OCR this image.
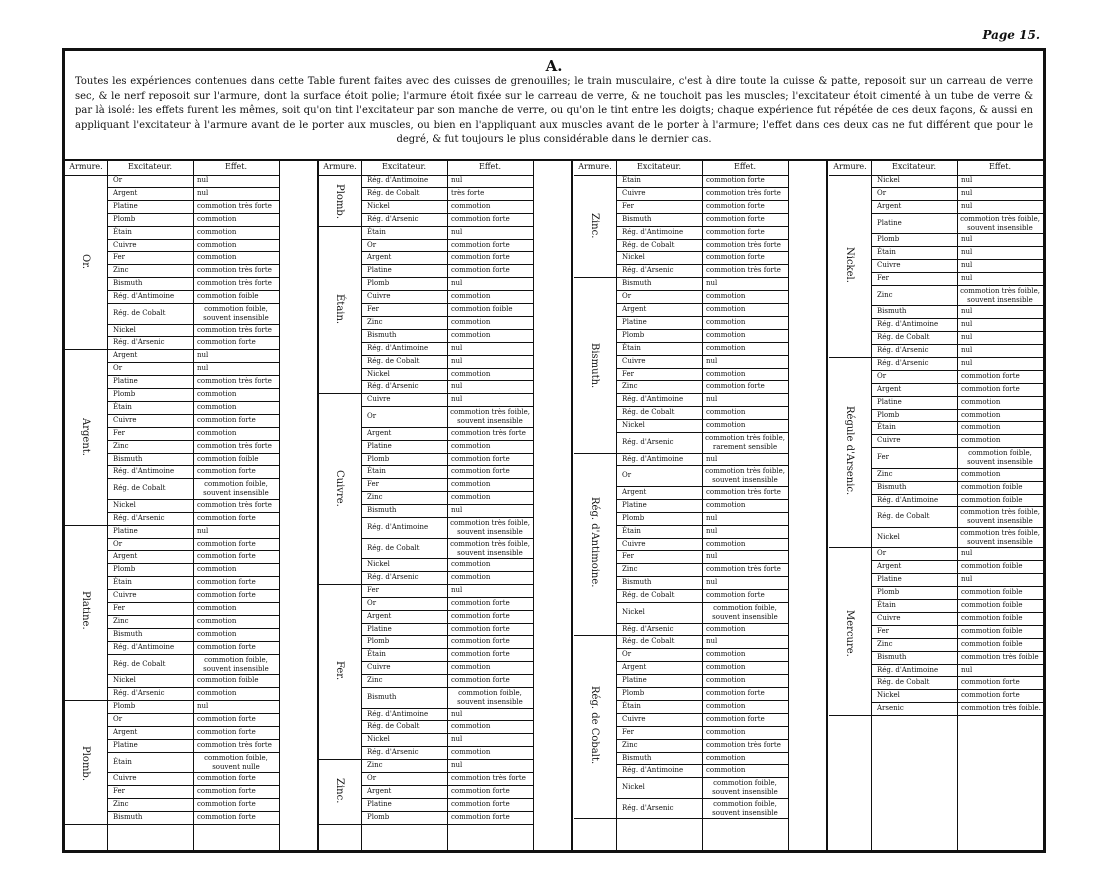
Page 15.
A.
Toutes les expériences contenues dans cette Table furent faites avec des cuisses de grenouilles; le train musculaire, c'est à dire toute la cuisse & patte, reposoit sur un carreau de verre sec, & le nerf reposoit sur l'armure, dont la surface étoit polie; l'armure étoit fixée sur le carreau de verre, & ne touchoit pas les muscles; l'excitateur étoit cimenté à un tube de verre & par là isolé: les effets furent les mêmes, soit qu'on tint l'excitateur par son manche de verre, ou qu'on le tint entre les doigts; chaque expérience fut répétée de ces deux façons, & aussi en appliquant l'excitateur à l'armure avant de le porter aux muscles, ou bien en l'appliquant aux muscles avant de le porter à l'armure; l'effet dans ces deux cas ne fut différent que pour le degré, & fut toujours le plus considérable dans le dernier cas.
Armure.	Excitateur.	Effet.
Or	nul
Argent	nul
Platine	commotion très forte
Plomb	commotion
Étain	commotion
Cuivre	commotion
Fer	commotion
Zinc	commotion très forte
Bismuth	commotion très forte
Rég. d'Antimoine	commotion foible
Rég. de Cobalt	commotion foible, souvent insensible
Nickel	commotion très forte
Rég. d'Arsenic	commotion forte
Or.
Argent	nul
Or	nul
Platine	commotion très forte
Plomb	commotion
Étain	commotion
Cuivre	commotion forte
Fer	commotion
Zinc	commotion très forte
Bismuth	commotion foible
Rég. d'Antimoine	commotion forte
Rég. de Cobalt	commotion foible, souvent insensible
Nickel	commotion très forte
Rég. d'Arsenic	commotion forte
Argent.
Platine	nul
Or	commotion forte
Argent	commotion forte
Plomb	commotion
Étain	commotion forte
Cuivre	commotion forte
Fer	commotion
Zinc	commotion
Bismuth	commotion
Rég. d'Antimoine	commotion forte
Rég. de Cobalt	commotion foible, souvent insensible
Nickel	commotion foible
Rég. d'Arsenic	commotion
Platine.
Plomb	nul
Or	commotion forte
Argent	commotion forte
Platine	commotion très forte
Étain	commotion foible, souvent nulle
Cuivre	commotion forte
Fer	commotion forte
Zinc	commotion forte
Bismuth	commotion forte
Plomb.
Armure.	Excitateur.	Effet.
Rég. d'Antimoine	nul
Rég. de Cobalt	très forte
Nickel	commotion
Rég. d'Arsenic	commotion forte
Plomb.
Étain	nul
Or	commotion forte
Argent	commotion forte
Platine	commotion forte
Plomb	nul
Cuivre	commotion
Fer	commotion foible
Zinc	commotion
Bismuth	commotion
Rég. d'Antimoine	nul
Rég. de Cobalt	nul
Nickel	commotion
Rég. d'Arsenic	nul
Étain.
Cuivre	nul
Or	commotion très foible, souvent insensible
Argent	commotion très forte
Platine	commotion
Plomb	commotion forte
Étain	commotion forte
Fer	commotion
Zinc	commotion
Bismuth	nul
Rég. d'Antimoine	commotion très foible, souvent insensible
Rég. de Cobalt	commotion très foible, souvent insensible
Nickel	commotion
Rég. d'Arsenic	commotion
Cuivre.
Fer	nul
Or	commotion forte
Argent	commotion forte
Platine	commotion forte
Plomb	commotion forte
Étain	commotion forte
Cuivre	commotion
Zinc	commotion forte
Bismuth	commotion foible, souvent insensible
Rég. d'Antimoine	nul
Rég. de Cobalt	commotion
Nickel	nul
Rég. d'Arsenic	commotion
Fer.
Zinc	nul
Or	commotion très forte
Argent	commotion forte
Platine	commotion forte
Plomb	commotion forte
Zinc.
Armure.	Excitateur.	Effet.
Étain	commotion forte
Cuivre	commotion très forte
Fer	commotion forte
Bismuth	commotion forte
Rég. d'Antimoine	commotion forte
Rég. de Cobalt	commotion très forte
Nickel	commotion forte
Rég. d'Arsenic	commotion très forte
Zinc.
Bismuth	nul
Or	commotion
Argent	commotion
Platine	commotion
Plomb	commotion
Étain	commotion
Cuivre	nul
Fer	commotion
Zinc	commotion forte
Rég. d'Antimoine	nul
Rég. de Cobalt	commotion
Nickel	commotion
Rég. d'Arsenic	commotion très foible, rarement sensible
Bismuth.
Rég. d'Antimoine	nul
Or	commotion très foible, souvent insensible
Argent	commotion très forte
Platine	commotion
Plomb	nul
Étain	nul
Cuivre	commotion
Fer	nul
Zinc	commotion très forte
Bismuth	nul
Rég. de Cobalt	commotion forte
Nickel	commotion foible, souvent insensible
Rég. d'Arsenic	commotion
Rég. d'Antimoine.
Rég. de Cobalt	nul
Or	commotion
Argent	commotion
Platine	commotion
Plomb	commotion forte
Étain	commotion
Cuivre	commotion forte
Fer	commotion
Zinc	commotion très forte
Bismuth	commotion
Rég. d'Antimoine	commotion
Nickel	commotion foible, souvent insensible
Rég. d'Arsenic	commotion foible, souvent insensible
Rég. de Cobalt.
Armure.	Excitateur.	Effet.
Nickel	nul
Or	nul
Argent	nul
Platine	commotion très foible, souvent insensible
Plomb	nul
Étain	nul
Cuivre	nul
Fer	nul
Zinc	commotion très foible, souvent insensible
Bismuth	nul
Rég. d'Antimoine	nul
Rég. de Cobalt	nul
Rég. d'Arsenic	nul
Nickel.
Rég. d'Arsenic	nul
Or	commotion forte
Argent	commotion forte
Platine	commotion
Plomb	commotion
Étain	commotion
Cuivre	commotion
Fer	commotion foible, souvent insensible
Zinc	commotion
Bismuth	commotion foible
Rég. d'Antimoine	commotion foible
Rég. de Cobalt	commotion très foible, souvent insensible
Nickel	commotion très foible, souvent insensible
Régule d'Arsenic.
Or	nul
Argent	commotion foible
Platine	nul
Plomb	commotion foible
Étain	commotion foible
Cuivre	commotion foible
Fer	commotion foible
Zinc	commotion foible
Bismuth	commotion très foible
Rég. d'Antimoine	nul
Rég. de Cobalt	commotion forte
Nickel	commotion forte
Arsenic	commotion très foible.
Mercure.
